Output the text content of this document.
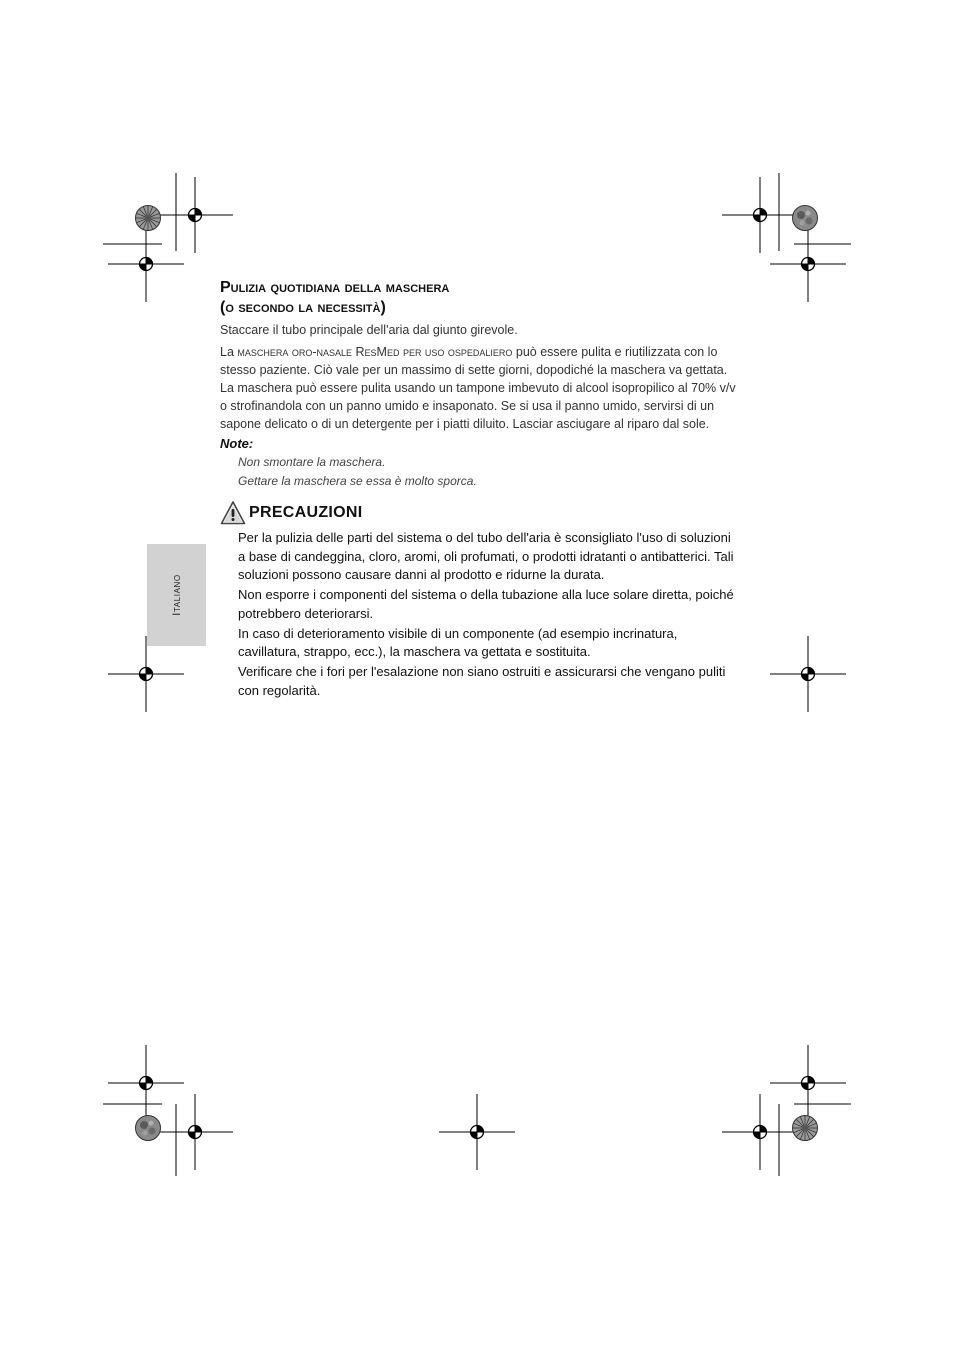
Italiano
Pulizia quotidiana della maschera
(o secondo la necessità)

Staccare il tubo principale dell'aria dal giunto girevole.

La maschera oro-nasale ResMed per uso ospedaliero può essere pulita e riutilizzata con lo stesso paziente. Ciò vale per un massimo di sette giorni, dopodiché la maschera va gettata. La maschera può essere pulita usando un tampone imbevuto di alcool isopropilico al 70% v/v o strofinandola con un panno umido e insaponato. Se si usa il panno umido, servirsi di un sapone delicato o di un detergente per i piatti diluito. Lasciar asciugare al riparo dal sole.

Note:
Non smontare la maschera.
Gettare la maschera se essa è molto sporca.
PRECAUZIONI
Per la pulizia delle parti del sistema o del tubo dell'aria è sconsigliato l'uso di soluzioni a base di candeggina, cloro, aromi, oli profumati, o prodotti idratanti o antibatterici. Tali soluzioni possono causare danni al prodotto e ridurne la durata.
Non esporre i componenti del sistema o della tubazione alla luce solare diretta, poiché potrebbero deteriorarsi.
In caso di deterioramento visibile di un componente (ad esempio incrinatura, cavillatura, strappo, ecc.), la maschera va gettata e sostituita.
Verificare che i fori per l'esalazione non siano ostruiti e assicurarsi che vengano puliti con regolarità.
